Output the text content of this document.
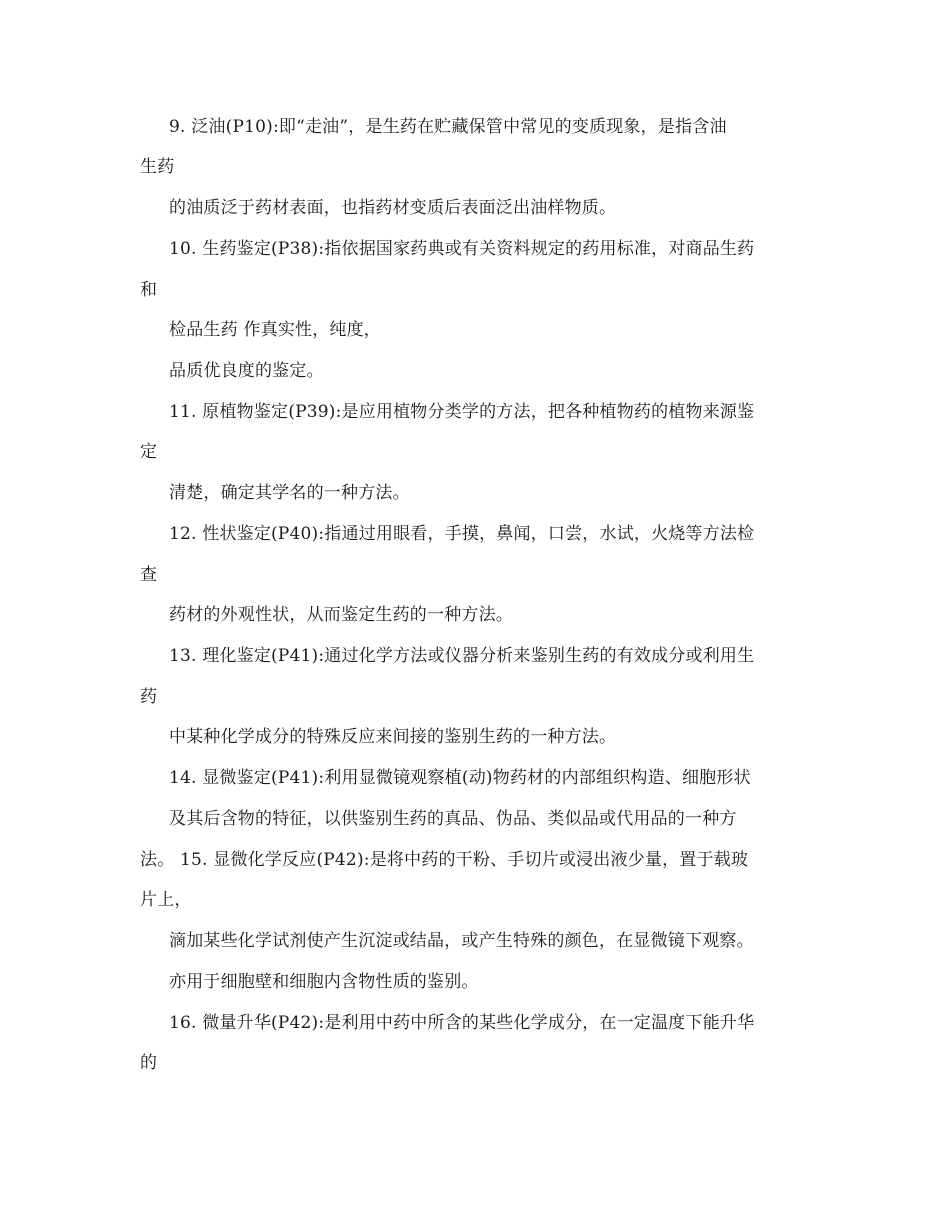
9. 泛油(P10):即“走油”，是生药在贮藏保管中常见的变质现象，是指含油
生药
的油质泛于药材表面，也指药材变质后表面泛出油样物质。
10. 生药鉴定(P38):指依据国家药典或有关资料规定的药用标准，对商品生药
和
检品生药 作真实性，纯度，
品质优良度的鉴定。
11. 原植物鉴定(P39):是应用植物分类学的方法，把各种植物药的植物来源鉴
定
清楚，确定其学名的一种方法。
12. 性状鉴定(P40):指通过用眼看，手摸，鼻闻，口尝，水试，火烧等方法检
查
药材的外观性状，从而鉴定生药的一种方法。
13. 理化鉴定(P41):通过化学方法或仪器分析来鉴别生药的有效成分或利用生
药
中某种化学成分的特殊反应来间接的鉴别生药的一种方法。
14. 显微鉴定(P41):利用显微镜观察植(动)物药材的内部组织构造、细胞形状
及其后含物的特征，以供鉴别生药的真品、伪品、类似品或代用品的一种方
法。 15. 显微化学反应(P42):是将中药的干粉、手切片或浸出液少量，置于载玻
片上，
滴加某些化学试剂使产生沉淀或结晶，或产生特殊的颜色，在显微镜下观察。
亦用于细胞壁和细胞内含物性质的鉴别。
16. 微量升华(P42):是利用中药中所含的某些化学成分，在一定温度下能升华
的
